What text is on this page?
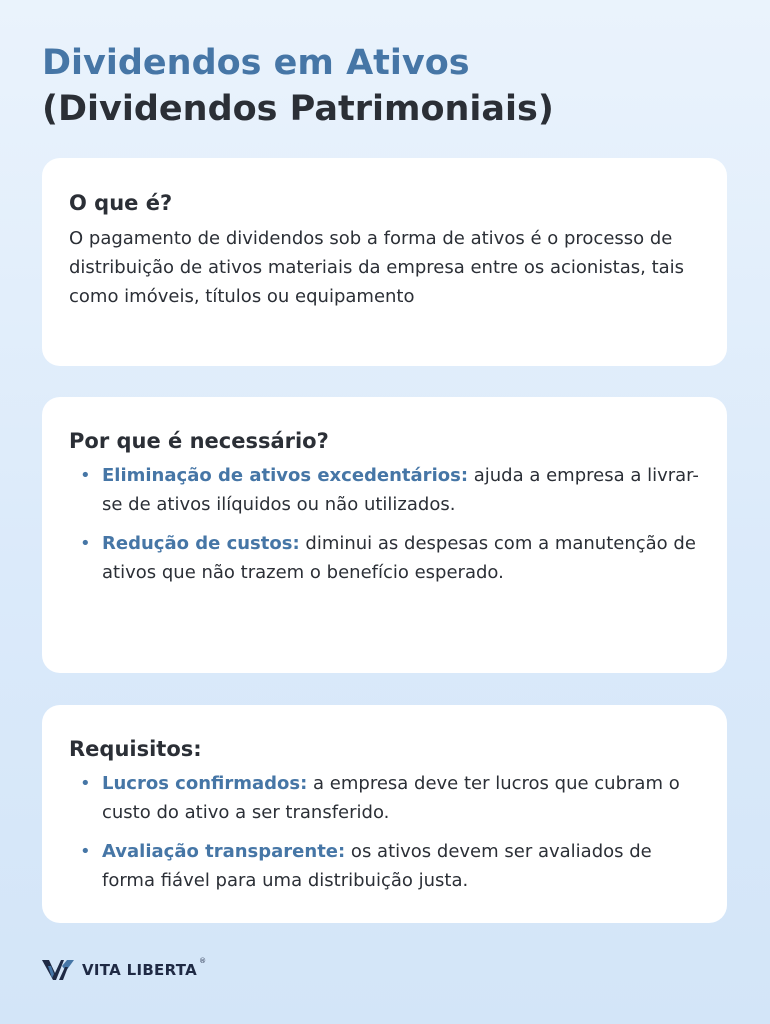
Dividendos em Ativos
(Dividendos Patrimoniais)
O que é?

O pagamento de dividendos sob a forma de ativos é o processo de distribuição de ativos materiais da empresa entre os acionistas, tais como imóveis, títulos ou equipamento

Por que é necessário?
• Eliminação de ativos excedentários: ajuda a empresa a livrar-se de ativos ilíquidos ou não utilizados.
• Redução de custos: diminui as despesas com a manutenção de ativos que não trazem o benefício esperado.
Requisitos:
• Lucros confirmados: a empresa deve ter lucros que cubram o custo do ativo a ser transferido.
• Avaliação transparente: os ativos devem ser avaliados de forma fiável para uma distribuição justa.
VITA LIBERTA ®
